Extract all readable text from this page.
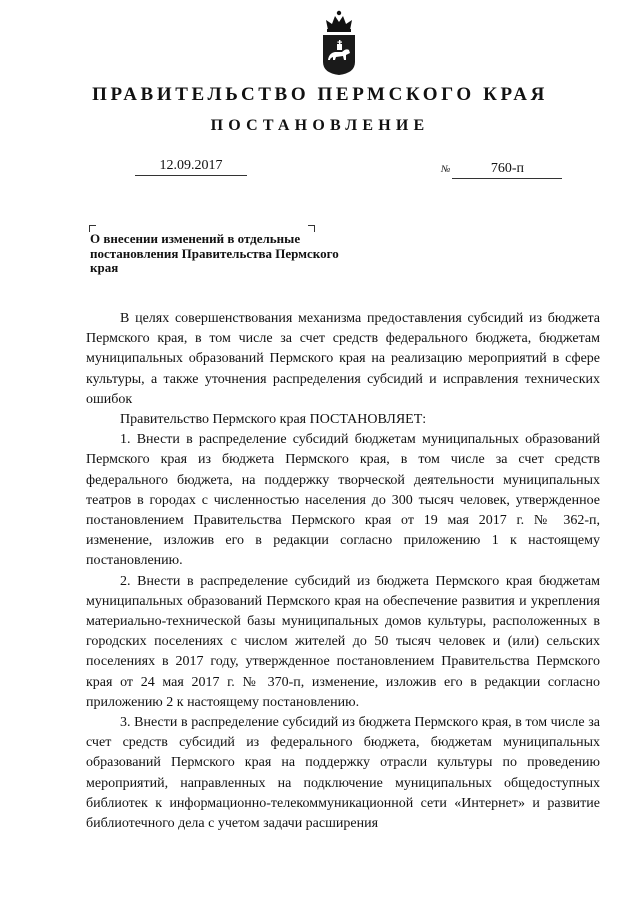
ПРАВИТЕЛЬСТВО ПЕРМСКОГО КРАЯ
ПОСТАНОВЛЕНИЕ
12.09.2017	№	760-п

О внесении изменений в отдельные постановления Правительства Пермского края

В целях совершенствования механизма предоставления субсидий из бюджета Пермского края, в том числе за счет средств федерального бюджета, бюджетам муниципальных образований Пермского края на реализацию мероприятий в сфере культуры, а также уточнения распределения субсидий и исправления технических ошибок

Правительство Пермского края ПОСТАНОВЛЯЕТ:

1. Внести в распределение субсидий бюджетам муниципальных образований Пермского края из бюджета Пермского края, в том числе за счет средств федерального бюджета, на поддержку творческой деятельности муниципальных театров в городах с численностью населения до 300 тысяч человек, утвержденное постановлением Правительства Пермского края от 19 мая 2017 г. № 362-п, изменение, изложив его в редакции согласно приложению 1 к настоящему постановлению.

2. Внести в распределение субсидий из бюджета Пермского края бюджетам муниципальных образований Пермского края на обеспечение развития и укрепления материально-технической базы муниципальных домов культуры, расположенных в городских поселениях с числом жителей до 50 тысяч человек и (или) сельских поселениях в 2017 году, утвержденное постановлением Правительства Пермского края от 24 мая 2017 г. № 370-п, изменение, изложив его в редакции согласно приложению 2 к настоящему постановлению.

3. Внести в распределение субсидий из бюджета Пермского края, в том числе за счет средств субсидий из федерального бюджета, бюджетам муниципальных образований Пермского края на поддержку отрасли культуры по проведению мероприятий, направленных на подключение муниципальных общедоступных библиотек к информационно-телекоммуникационной сети «Интернет» и развитие библиотечного дела с учетом задачи расширения
